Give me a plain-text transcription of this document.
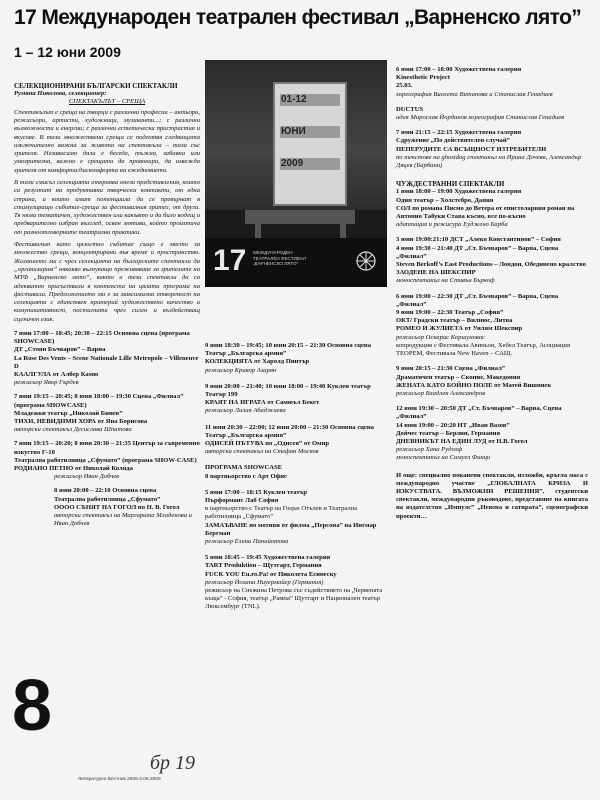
17 Международен театрален фестивал „Варненско лято”
1 – 12 юни 2009
01-12
ЮНИ
2009
17 МЕЖДУНАРОДЕН
ТЕАТРАЛЕН ФЕСТИВАЛ
„ВАРНЕНСКО ЛЯТО”
СЕЛЕКЦИОНИРАНИ БЪЛГАРСКИ СПЕКТАКЛИ
Румяна Николова, селекционер:
СПЕКТАКЪЛЪТ – СРЕЩА

Спектакълът е среща на творци с различни професии – актьори, режисьори, артисти, художници, музиканти...; с различни възможности и енергии; с различни естетически пристрастия и вкусове. В тази множествена среща се подготвя следващата изключително важна за живота на спектакъла – тази със зрителя. Независимо дали е беседа, тъжна, забавна или умозрителна, важно е срещата да провокира, да извежда зрителя от комфорта/дискомфорта на ежедневието.

В тази смисъл селекцията откроява онези представления, които са резултат на продуктивни творчески контакти, от една страна, и които имат потенциала да се превърнат в стимулиращо събитие-среща за фестивалния зрител, от друга. Тя няма тематичен, художествен или какъвто и да било водещ и предварително избран възглед, освен мотива, който произтича от разноотговорните театрални практики.

Фестивалът като цялостно събитие също е място за множество срещи, концентрирани във време и пространство. Желанието ми с чрез селекцията на българските спектакли да „организирам” някакво вълнуващо преживяване за зрителите на МТФ „Варненско лято”, както и тези спектакли да са адекватно присъствали в контекста на цялата програма на фестивала. Предложението ми е за максимална отвореност на селекцията с единствен критерий художествено качество и комуникативност, постигнати чрез силен и въздействащ сценичен език.

7 юни 17:00 – 18:45; 20:30 – 22:15 Основна сцена (програма SHOWCASE)
ДТ „Стоян Бъчваров” – Варна
La Rose Des Vents – Scene Nationale Lille Metropole – Villeneuve D
КААЛГУЛА от Албер Камю
режисьор Явор Гърдев
7 юни 19:15 – 20:45; 8 юни 18:00 – 19:30 Сцена „Филиал” (програма SHOWCASE)
Младежки театър „Николай Бинев”
ТИХИ, НЕВИДИМИ ХОРА от Яна Борисова
авторски спектакъл Десислава Шпатова
7 юни 19:15 – 20:20; 8 юни 20:30 – 21:35 Център за съвременно изкуство Г-10
Театрална работилница „Сфумато” (програма SHOW-CASE)
РОДИАНО ПЕТНО от Николай Коляда
режисьор Иван Добчев
8 юни 20:00 – 22:10 Основна сцена
Театрална работилница „Сфумато”
ОООО СЪНЯТ НА ГОГОЛ по Н. В. Гогол
авторски спектакъл на Маргарита Младенова и Иван Добчев
8
Литературен Вестник 2505-2.06.2009
бр 19
9 юни 18:30 – 19:45; 10 юни 20:15 – 21:30 Основна сцена
Театър „Българска армия”
КОЛЕКЦИЯТА от Харолд Пинтър
режисьор Крикор Азарян
9 юни 20:00 – 21:40; 10 юни 18:00 – 19:40 Куклен театър
Театър 199
КРАЯТ НА ИГРАТА от Самюъл Бекет
режисьор Лилия Абаджиева
11 юни 20:30 – 22:00; 12 юни 20:00 – 21:30 Основна сцена
Театър „Българска армия”
ОДИСЕЙ ПЪТУВА по „Одисея” от Омир
авторски спектакъл на Стефан Москов
ПРОГРАМА SHOWCASE
8 партньорство с Арт Офис
5 юни 17:00 – 18:15 Куклен театър
Пърформанс Лаб София
в партньорство с Театър на Гоцън Отълев и Театрална работилница „Сфумато”
ЗАМАЪВАНЕ по мотиви от филма „Персона” на Ингмар Бергман
режисьор Елена Панайотова
5 юни 18:45 – 19:45 Художествена галерия
TART Produktion – Щутгарт, Германия
FUCK YOU Eu.ro.Pa! от Николета Есинеску
режисьор Йохана Ниуермайер (Германия)
режисьор на Снежина Петрова със съдействието на „Червената къща” - София, театър „Рампа” Щутгарт и Национален театър Люксембург (TNL).
6 юни 17:00 – 18:00 Художествена галерия
Kinesthetic Project
25.03.
хореография Виолета Витанова и Станислав Генадиев
DUCTUS
идея Мирослав Йорданов хореография Станислав Генадиев
7 юни 21:15 – 22:15 Художествена галерия
Сдружение „По действителен случай”
ПЕПЕРУДИТЕ СА ВСЪЩНОСТ ИЗТРЕБИТЕЛИ
по текстове на ghostdog спектакъл на Ирина Дочева, Александър Дяцев (Барбани)
ЧУЖДЕСТРАННИ СПЕКТАКЛИ
1 юни 18:00 – 19:00 Художествена галерия
Один театър – Холстебро, Дания
СОЛ по романа Писмо до Ветера от епистоларния роман на Антонио Табуки Става късно, все по-късно
адаптация и режисура Еуджено Барба
3 юни 19:00:21:10 ДСТ „Алеко Константинов” – София
4 юни 19:30 – 21:40 ДТ „Ст. Бъчваров” – Варна, Сцена „Филиал”
Steven Berkoff’s East Productions – Лондон, Обединено кралство
ЗАОДЕНЕ НА ШЕКСПИР
моноспектакъл на Стивън Бъркоф
6 юни 19:00 – 22:30 ДТ „Ст. Бъчваров” – Варна, Сцена „Филиал”
9 юни 19:00 – 22:30 Театър „София”
ОКТ/ Градски театър – Вилнюс, Литва
РОМЕО И ЖУЛИЕТА от Уилям Шекспир
режисьор Оскарас Коршуновас
копродукция с Фестивала Авиньон, Хебел Театър, Асоциация ТЕОРЕМ, Фестивала New Haven – САЩ.
9 юни 20:15 – 21:30 Сцена „Филиал”
Драматичен театър – Скопие, Македония
ЖЕНАТА КАТО БОЙНО ПОЛЕ от Матей Вишниек
режисьор Владлен Александров
12 юни 19:30 – 20:50 ДТ „Ст. Бъчваров” – Варна, Сцена „Филиал”
14 юни 19:00 – 20:20 НТ „Иван Вазов”
Дойчес театър – Берлин, Германия
ДНЕВНИКЪТ НА ЕДИН ЛУД от Н.В. Гогол
режисьор Хана Рудолф
моноспектакъл на Самуел Финци
И още: специално поканени спектакли, изложби, кръгла маса с международно участие „ГЛОБАЛНАТА КРИЗА И ИЗКУСТВАТА. ВЪЗМОЖНИ РЕШЕНИЯ”, студентски спектакли, международни ръководове, представяне на книгата на издателство „Импулс” „Невена и сатирата”, сценографски проекти…
